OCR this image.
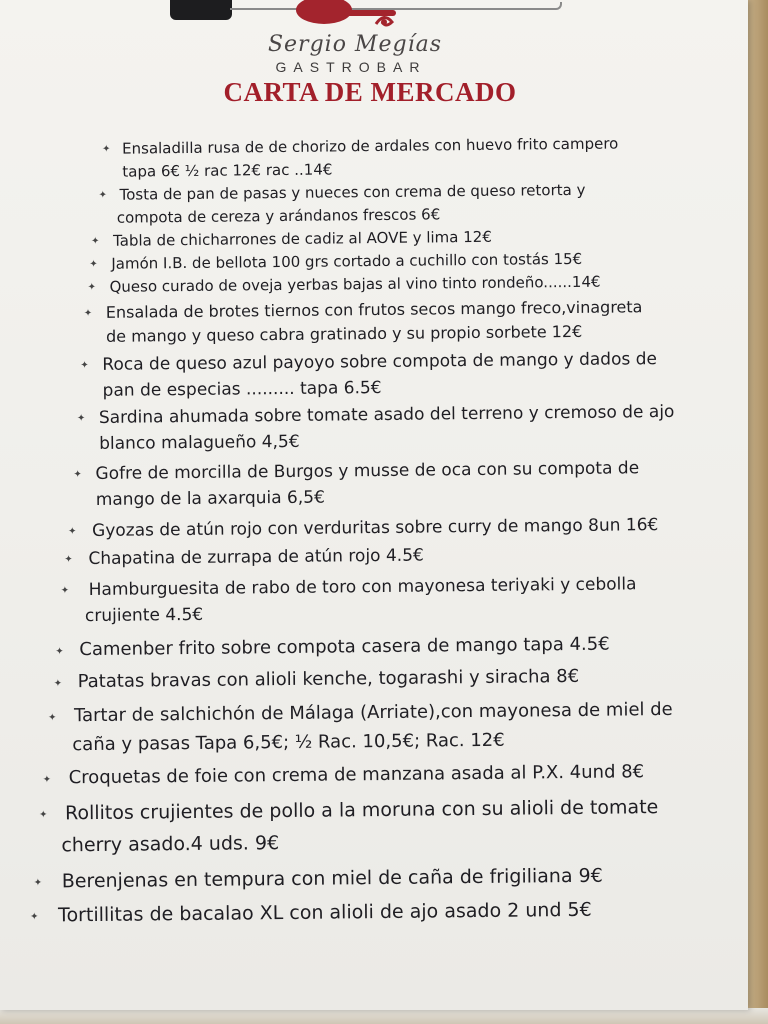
Sergio Megías
GASTROBAR
CARTA DE MERCADO
✦ Ensaladilla rusa de de chorizo de ardales con huevo frito campero
tapa 6€ ½ rac 12€ rac ..14€
✦ Tosta de pan de pasas y nueces con crema de queso retorta y
compota de cereza y arándanos frescos 6€
✦ Tabla de chicharrones de cadiz al AOVE y lima 12€
✦ Jamón I.B. de bellota 100 grs cortado a cuchillo con tostás 15€
✦ Queso curado de oveja yerbas bajas al vino tinto rondeño......14€
✦ Ensalada de brotes tiernos con frutos secos mango freco,vinagreta
de mango y queso cabra gratinado y su propio sorbete 12€
✦ Roca de queso azul payoyo sobre compota de mango y dados de
pan de especias ......... tapa 6.5€
✦ Sardina ahumada sobre tomate asado del terreno y cremoso de ajo
blanco malagueño 4,5€
✦ Gofre de morcilla de Burgos y musse de oca con su compota de
mango de la axarquia 6,5€
✦ Gyozas de atún rojo con verduritas sobre curry de mango 8un 16€
✦ Chapatina de zurrapa de atún rojo 4.5€
✦ Hamburguesita de rabo de toro con mayonesa teriyaki y cebolla
crujiente 4.5€
✦ Camenber frito sobre compota casera de mango tapa 4.5€
✦ Patatas bravas con alioli kenche, togarashi y siracha 8€
✦ Tartar de salchichón de Málaga (Arriate),con mayonesa de miel de
caña y pasas Tapa 6,5€; ½ Rac. 10,5€; Rac. 12€
✦ Croquetas de foie con crema de manzana asada al P.X. 4und 8€
✦ Rollitos crujientes de pollo a la moruna con su alioli de tomate
cherry asado.4 uds. 9€
✦ Berenjenas en tempura con miel de caña de frigiliana 9€
✦ Tortillitas de bacalao XL con alioli de ajo asado 2 und 5€
